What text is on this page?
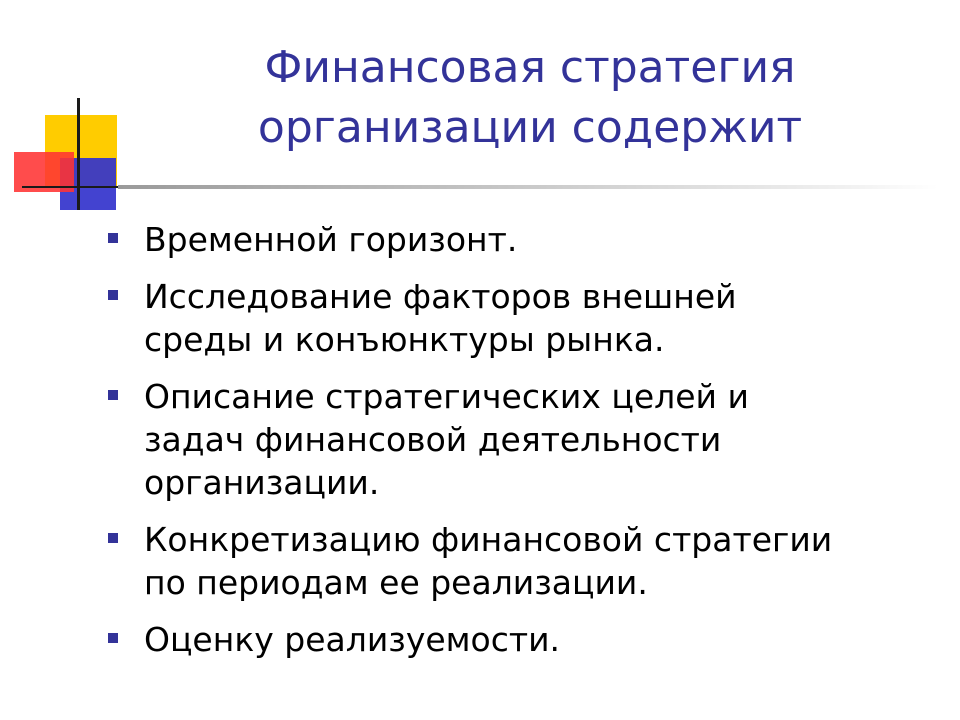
Финансовая стратегия
организации содержит
Временной горизонт.
Исследование факторов внешней
среды и конъюнктуры рынка.
Описание стратегических целей и
задач финансовой деятельности
организации.
Конкретизацию финансовой стратегии
по периодам ее реализации.
Оценку реализуемости.
